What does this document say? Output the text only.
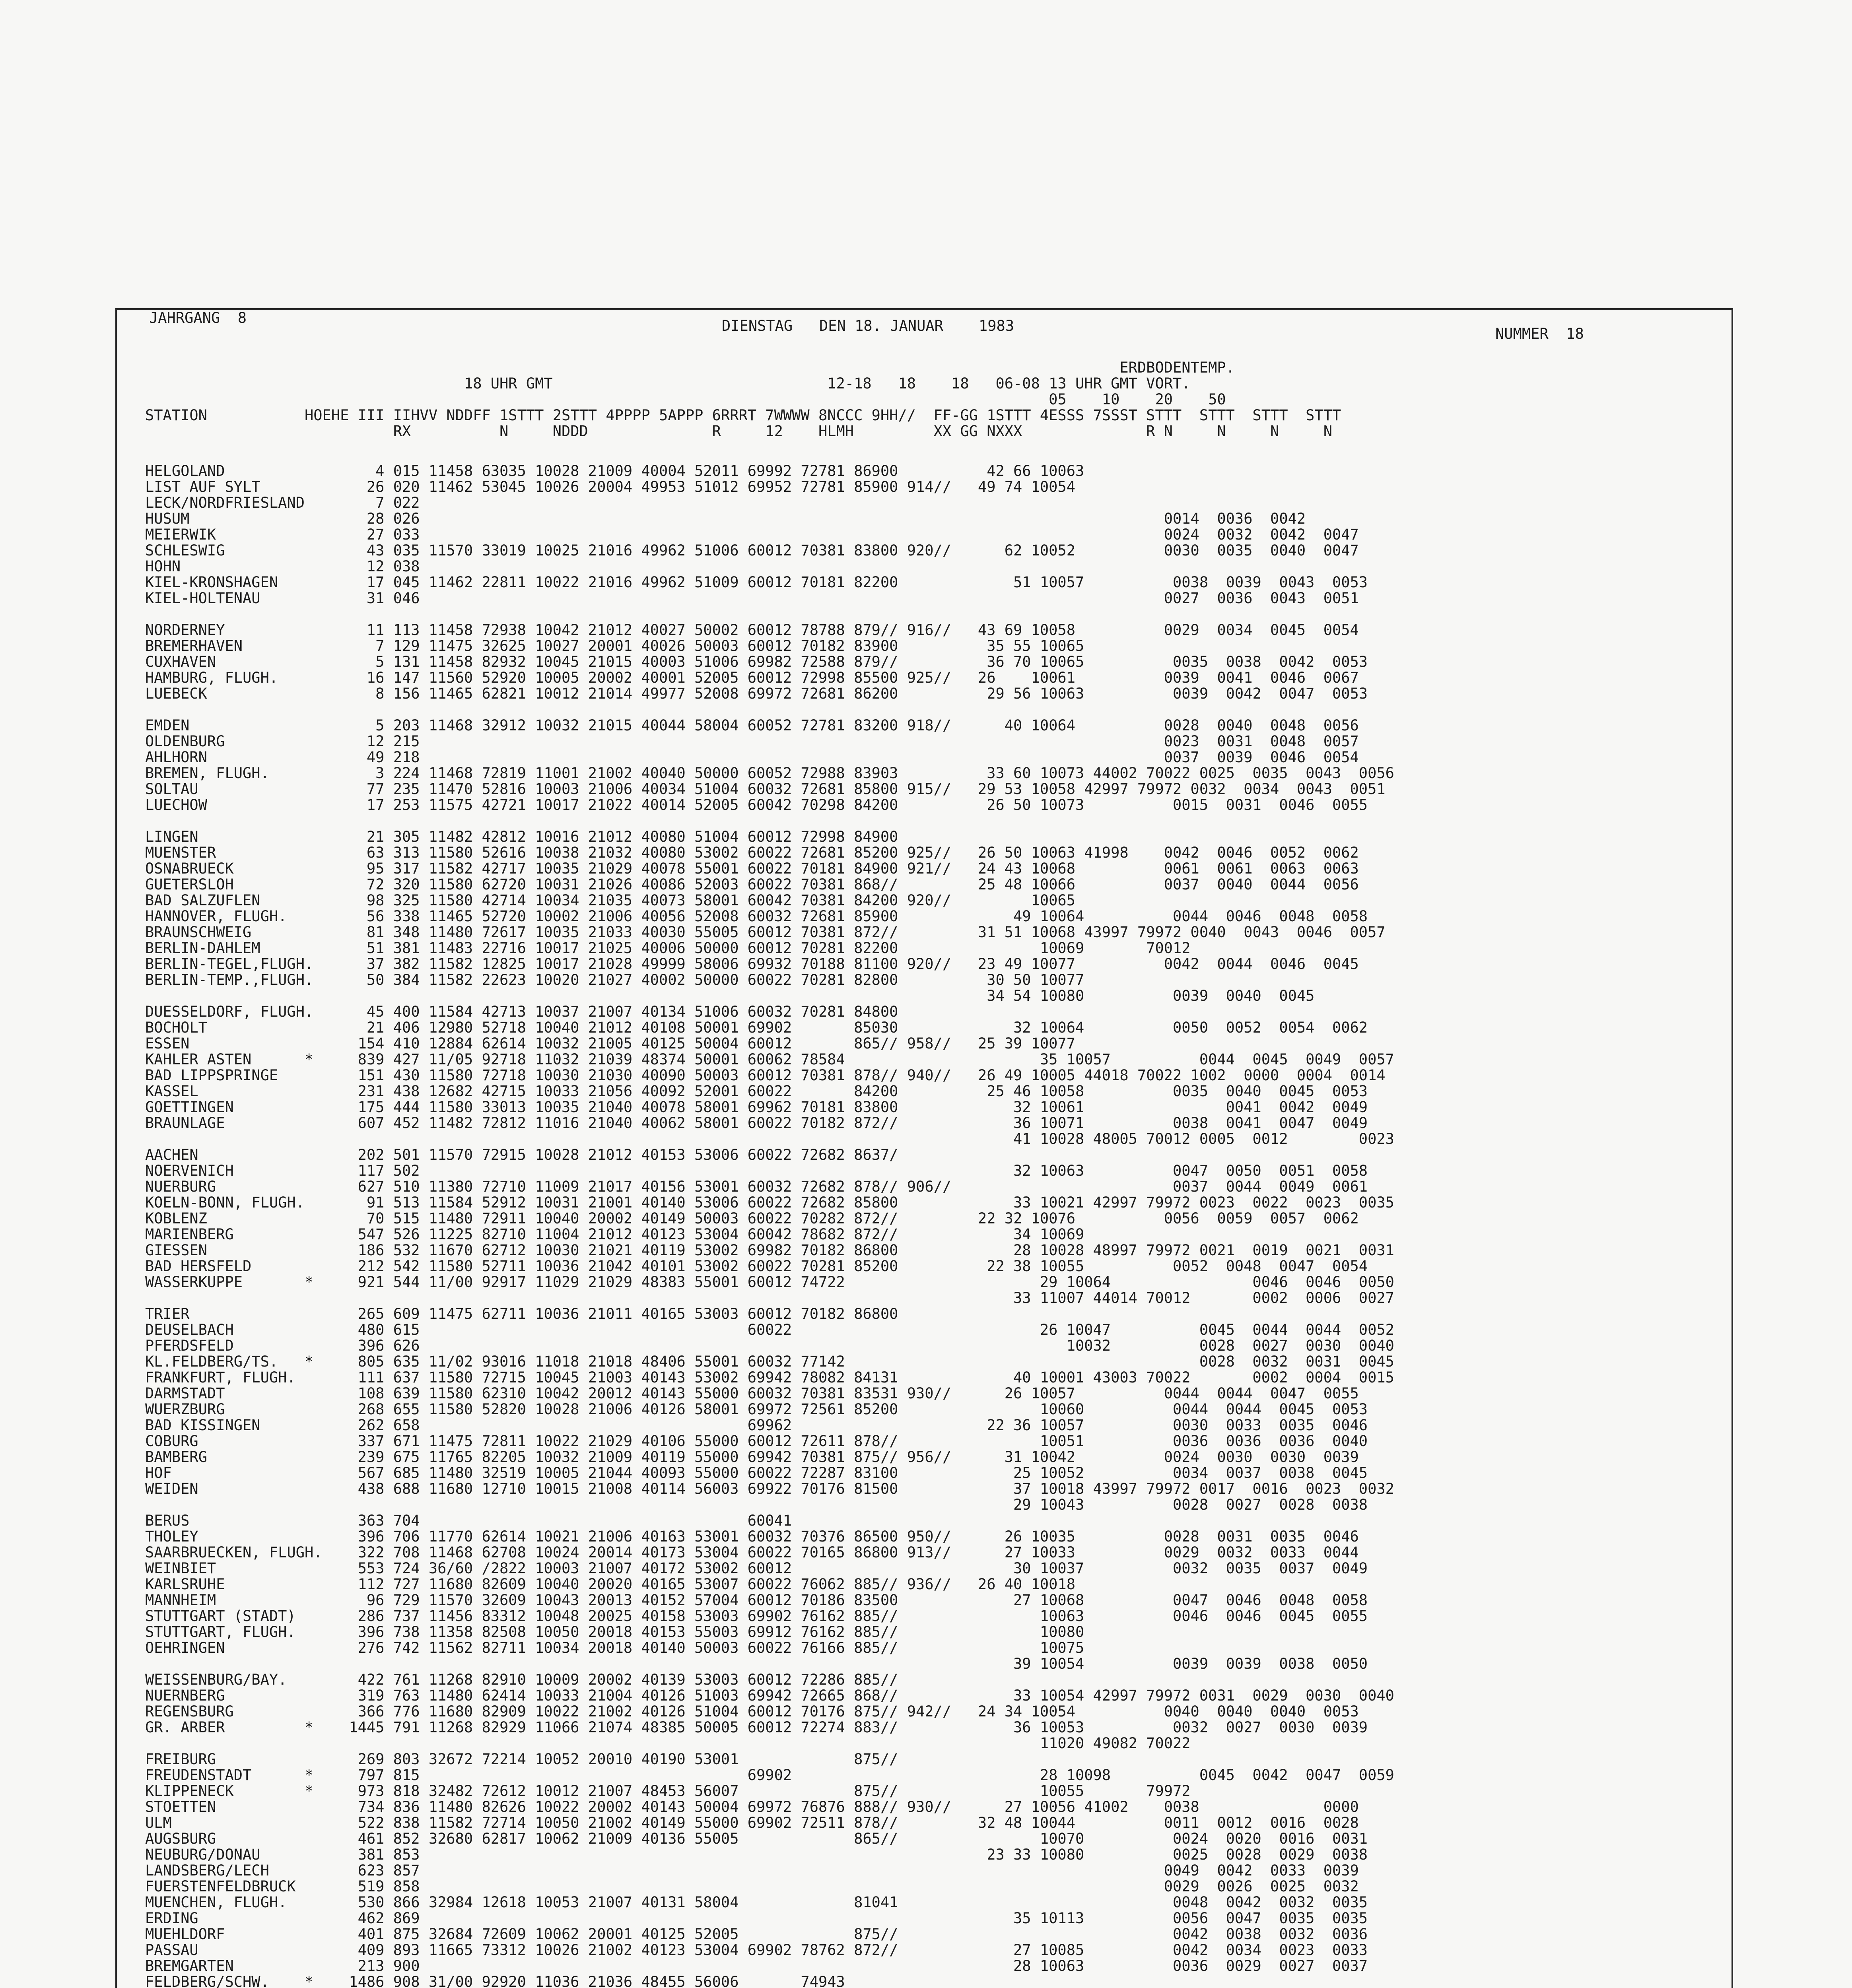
JAHRGANG  8	DIENSTAG   DEN 18. JANUAR    1983	NUMMER  18
ERDBODENTEMP.
18 UHR GMT                               12-18   18    18   06-08 13 UHR GMT VORT.
05    10    20    50
STATION           HOEHE III IIHVV NDDFF 1STTT 2STTT 4PPPP 5APPP 6RRRT 7WWWW 8NCCC 9HH//  FF-GG 1STTT 4ESSS 7SSST STTT  STTT  STTT  STTT
RX          N     NDDD              R     12    HLMH         XX GG NXXX              R N     N     N     N
HELGOLAND                 4 015 11458 63035 10028 21009 40004 52011 69992 72781 86900          42 66 10063
LIST AUF SYLT            26 020 11462 53045 10026 20004 49953 51012 69952 72781 85900 914//   49 74 10054
LECK/NORDFRIESLAND        7 022
HUSUM                    28 026                                                                                    0014  0036  0042
MEIERWIK                 27 033                                                                                    0024  0032  0042  0047
SCHLESWIG                43 035 11570 33019 10025 21016 49962 51006 60012 70381 83800 920//      62 10052          0030  0035  0040  0047
HOHN                     12 038
KIEL-KRONSHAGEN          17 045 11462 22811 10022 21016 49962 51009 60012 70181 82200             51 10057          0038  0039  0043  0053
KIEL-HOLTENAU            31 046                                                                                    0027  0036  0043  0051
NORDERNEY                11 113 11458 72938 10042 21012 40027 50002 60012 78788 879// 916//   43 69 10058          0029  0034  0045  0054
BREMERHAVEN               7 129 11475 32625 10027 20001 40026 50003 60012 70182 83900          35 55 10065
CUXHAVEN                  5 131 11458 82932 10045 21015 40003 51006 69982 72588 879//          36 70 10065          0035  0038  0042  0053
HAMBURG, FLUGH.          16 147 11560 52920 10005 20002 40001 52005 60012 72998 85500 925//   26    10061          0039  0041  0046  0067
LUEBECK                   8 156 11465 62821 10012 21014 49977 52008 69972 72681 86200          29 56 10063          0039  0042  0047  0053
EMDEN                     5 203 11468 32912 10032 21015 40044 58004 60052 72781 83200 918//      40 10064          0028  0040  0048  0056
OLDENBURG                12 215                                                                                    0023  0031  0048  0057
AHLHORN                  49 218                                                                                    0037  0039  0046  0054
BREMEN, FLUGH.            3 224 11468 72819 11001 21002 40040 50000 60052 72988 83903          33 60 10073 44002 70022 0025  0035  0043  0056
SOLTAU                   77 235 11470 52816 10003 21006 40034 51004 60032 72681 85800 915//   29 53 10058 42997 79972 0032  0034  0043  0051
LUECHOW                  17 253 11575 42721 10017 21022 40014 52005 60042 70298 84200          26 50 10073          0015  0031  0046  0055
LINGEN                   21 305 11482 42812 10016 21012 40080 51004 60012 72998 84900
MUENSTER                 63 313 11580 52616 10038 21032 40080 53002 60022 72681 85200 925//   26 50 10063 41998    0042  0046  0052  0062
OSNABRUECK               95 317 11582 42717 10035 21029 40078 55001 60022 70181 84900 921//   24 43 10068          0061  0061  0063  0063
GUETERSLOH               72 320 11580 62720 10031 21026 40086 52003 60022 70381 868//         25 48 10066          0037  0040  0044  0056
BAD SALZUFLEN            98 325 11580 42714 10034 21035 40073 58001 60042 70381 84200 920//         10065
HANNOVER, FLUGH.         56 338 11465 52720 10002 21006 40056 52008 60032 72681 85900             49 10064          0044  0046  0048  0058
BRAUNSCHWEIG             81 348 11480 72617 10035 21033 40030 55005 60012 70381 872//         31 51 10068 43997 79972 0040  0043  0046  0057
BERLIN-DAHLEM            51 381 11483 22716 10017 21025 40006 50000 60012 70281 82200                10069       70012
BERLIN-TEGEL,FLUGH.      37 382 11582 12825 10017 21028 49999 58006 69932 70188 81100 920//   23 49 10077          0042  0044  0046  0045
BERLIN-TEMP.,FLUGH.      50 384 11582 22623 10020 21027 40002 50000 60022 70281 82800          30 50 10077
34 54 10080          0039  0040  0045
DUESSELDORF, FLUGH.      45 400 11584 42713 10037 21007 40134 51006 60032 70281 84800
BOCHOLT                  21 406 12980 52718 10040 21012 40108 50001 69902       85030             32 10064          0050  0052  0054  0062
ESSEN                   154 410 12884 62614 10032 21005 40125 50004 60012       865// 958//   25 39 10077
KAHLER ASTEN      *     839 427 11/05 92718 11032 21039 48374 50001 60062 78584                      35 10057          0044  0045  0049  0057
BAD LIPPSPRINGE         151 430 11580 72718 10030 21030 40090 50003 60012 70381 878// 940//   26 49 10005 44018 70022 1002  0000  0004  0014
KASSEL                  231 438 12682 42715 10033 21056 40092 52001 60022       84200          25 46 10058          0035  0040  0045  0053
GOETTINGEN              175 444 11580 33013 10035 21040 40078 58001 69962 70181 83800             32 10061                0041  0042  0049
BRAUNLAGE               607 452 11482 72812 11016 21040 40062 58001 60022 70182 872//             36 10071          0038  0041  0047  0049
41 10028 48005 70012 0005  0012        0023
AACHEN                  202 501 11570 72915 10028 21012 40153 53006 60022 72682 8637/
NOERVENICH              117 502                                                                   32 10063          0047  0050  0051  0058
NUERBURG                627 510 11380 72710 11009 21017 40156 53001 60032 72682 878// 906//                         0037  0044  0049  0061
KOELN-BONN, FLUGH.       91 513 11584 52912 10031 21001 40140 53006 60022 72682 85800             33 10021 42997 79972 0023  0022  0023  0035
KOBLENZ                  70 515 11480 72911 10040 20002 40149 50003 60022 70282 872//         22 32 10076          0056  0059  0057  0062
MARIENBERG              547 526 11225 82710 11004 21012 40123 53004 60042 78682 872//             34 10069
GIESSEN                 186 532 11670 62712 10030 21021 40119 53002 69982 70182 86800             28 10028 48997 79972 0021  0019  0021  0031
BAD HERSFELD            212 542 11580 52711 10036 21042 40101 53002 60022 70281 85200          22 38 10055          0052  0048  0047  0054
WASSERKUPPE       *     921 544 11/00 92917 11029 21029 48383 55001 60012 74722                      29 10064                0046  0046  0050
33 11007 44014 70012       0002  0006  0027
TRIER                   265 609 11475 62711 10036 21011 40165 53003 60012 70182 86800
DEUSELBACH              480 615                                     60022                            26 10047          0045  0044  0044  0052
PFERDSFELD              396 626                                                                         10032          0028  0027  0030  0040
KL.FELDBERG/TS.   *     805 635 11/02 93016 11018 21018 48406 55001 60032 77142                                        0028  0032  0031  0045
FRANKFURT, FLUGH.       111 637 11580 72715 10045 21003 40143 53002 69942 78082 84131             40 10001 43003 70022       0002  0004  0015
DARMSTADT               108 639 11580 62310 10042 20012 40143 55000 60032 70381 83531 930//      26 10057          0044  0044  0047  0055
WUERZBURG               268 655 11580 52820 10028 21006 40126 58001 69972 72561 85200                10060          0044  0044  0045  0053
BAD KISSINGEN           262 658                                     69962                      22 36 10057          0030  0033  0035  0046
COBURG                  337 671 11475 72811 10022 21029 40106 55000 60012 72611 878//                10051          0036  0036  0036  0040
BAMBERG                 239 675 11765 82205 10032 21009 40119 55000 69942 70381 875// 956//      31 10042          0024  0030  0030  0039
HOF                     567 685 11480 32519 10005 21044 40093 55000 60022 72287 83100             25 10052          0034  0037  0038  0045
WEIDEN                  438 688 11680 12710 10015 21008 40114 56003 69922 70176 81500             37 10018 43997 79972 0017  0016  0023  0032
29 10043          0028  0027  0028  0038
BERUS                   363 704                                     60041
THOLEY                  396 706 11770 62614 10021 21006 40163 53001 60032 70376 86500 950//      26 10035          0028  0031  0035  0046
SAARBRUECKEN, FLUGH.    322 708 11468 62708 10024 20014 40173 53004 60022 70165 86800 913//      27 10033          0029  0032  0033  0044
WEINBIET                553 724 36/60 /2822 10003 21007 40172 53002 60012                         30 10037          0032  0035  0037  0049
KARLSRUHE               112 727 11680 82609 10040 20020 40165 53007 60022 76062 885// 936//   26 40 10018
MANNHEIM                 96 729 11570 32609 10043 20013 40152 57004 60012 70186 83500             27 10068          0047  0046  0048  0058
STUTTGART (STADT)       286 737 11456 83312 10048 20025 40158 53003 69902 76162 885//                10063          0046  0046  0045  0055
STUTTGART, FLUGH.       396 738 11358 82508 10050 20018 40153 55003 69912 76162 885//                10080
OEHRINGEN               276 742 11562 82711 10034 20018 40140 50003 60022 76166 885//                10075
39 10054          0039  0039  0038  0050
WEISSENBURG/BAY.        422 761 11268 82910 10009 20002 40139 53003 60012 72286 885//
NUERNBERG               319 763 11480 62414 10033 21004 40126 51003 69942 72665 868//             33 10054 42997 79972 0031  0029  0030  0040
REGENSBURG              366 776 11680 82909 10022 21002 40126 51004 60012 70176 875// 942//   24 34 10054          0040  0040  0040  0053
GR. ARBER         *    1445 791 11268 82929 11066 21074 48385 50005 60012 72274 883//             36 10053          0032  0027  0030  0039
11020 49082 70022
FREIBURG                269 803 32672 72214 10052 20010 40190 53001             875//
FREUDENSTADT      *     797 815                                     69902                            28 10098          0045  0042  0047  0059
KLIPPENECK        *     973 818 32482 72612 10012 21007 48453 56007             875//                10055       79972
STOETTEN                734 836 11480 82626 10022 20002 40143 50004 69972 76876 888// 930//      27 10056 41002    0038              0000
ULM                     522 838 11582 72714 10050 21002 40149 55000 69902 72511 878//         32 48 10044          0011  0012  0016  0028
AUGSBURG                461 852 32680 62817 10062 21009 40136 55005             865//                10070          0024  0020  0016  0031
NEUBURG/DONAU           381 853                                                                23 33 10080          0025  0028  0029  0038
LANDSBERG/LECH          623 857                                                                                    0049  0042  0033  0039
FUERSTENFELDBRUCK       519 858                                                                                    0029  0026  0025  0032
MUENCHEN, FLUGH.        530 866 32984 12618 10053 21007 40131 58004             81041                               0048  0042  0032  0035
ERDING                  462 869                                                                   35 10113          0056  0047  0035  0035
MUEHLDORF               401 875 32684 72609 10062 20001 40125 52005             875//                               0042  0038  0032  0036
PASSAU                  409 893 11665 73312 10026 21002 40123 53004 69902 78762 872//             27 10085          0042  0034  0023  0033
BREMGARTEN              213 900                                                                   28 10063          0036  0029  0027  0037
FELDBERG/SCHW.    *    1486 908 31/00 92920 11036 21036 48455 56006       74943
